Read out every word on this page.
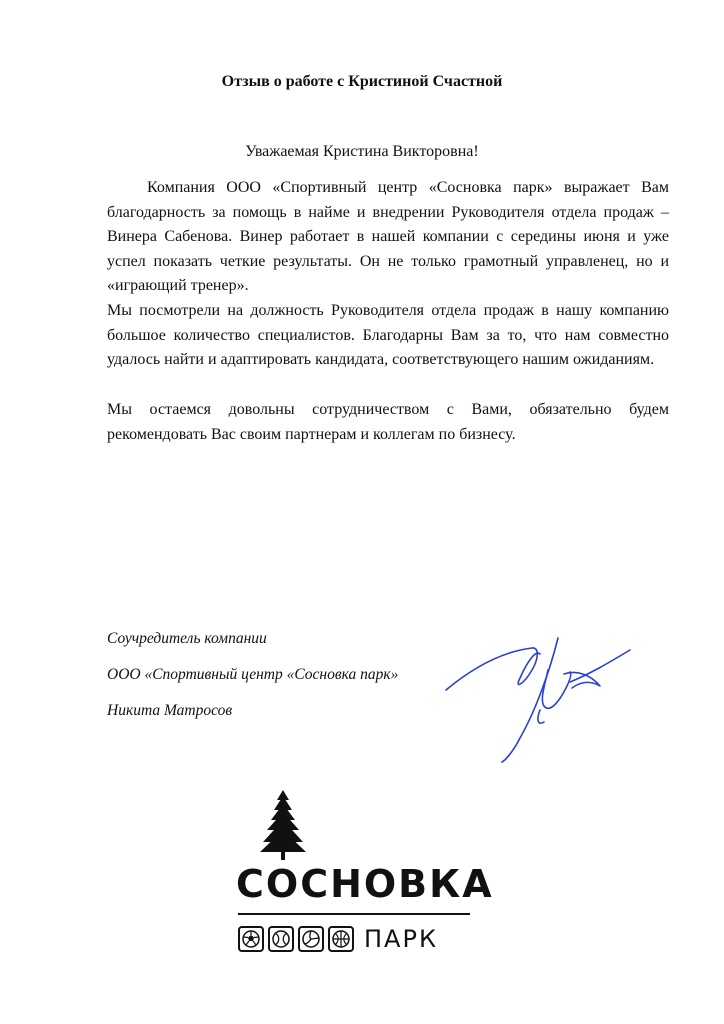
Отзыв о работе с Кристиной Счастной
Уважаемая Кристина Викторовна!

Компания ООО «Спортивный центр «Сосновка парк» выражает Вам благодарность за помощь в найме и внедрении Руководителя отдела продаж – Винера Сабенова. Винер работает в нашей компании с середины июня и уже успел показать четкие результаты. Он не только грамотный управленец, но и «играющий тренер».

Мы посмотрели на должность Руководителя отдела продаж в нашу компанию большое количество специалистов. Благодарны Вам за то, что нам совместно удалось найти и адаптировать кандидата, соответствующего нашим ожиданиям.

Мы остаемся довольны сотрудничеством с Вами, обязательно будем рекомендовать Вас своим партнерам и коллегам по бизнесу.

Соучредитель компании
ООО «Спортивный центр «Сосновка парк»
Никита Матросов
СОСНОВКА
ПАРК
